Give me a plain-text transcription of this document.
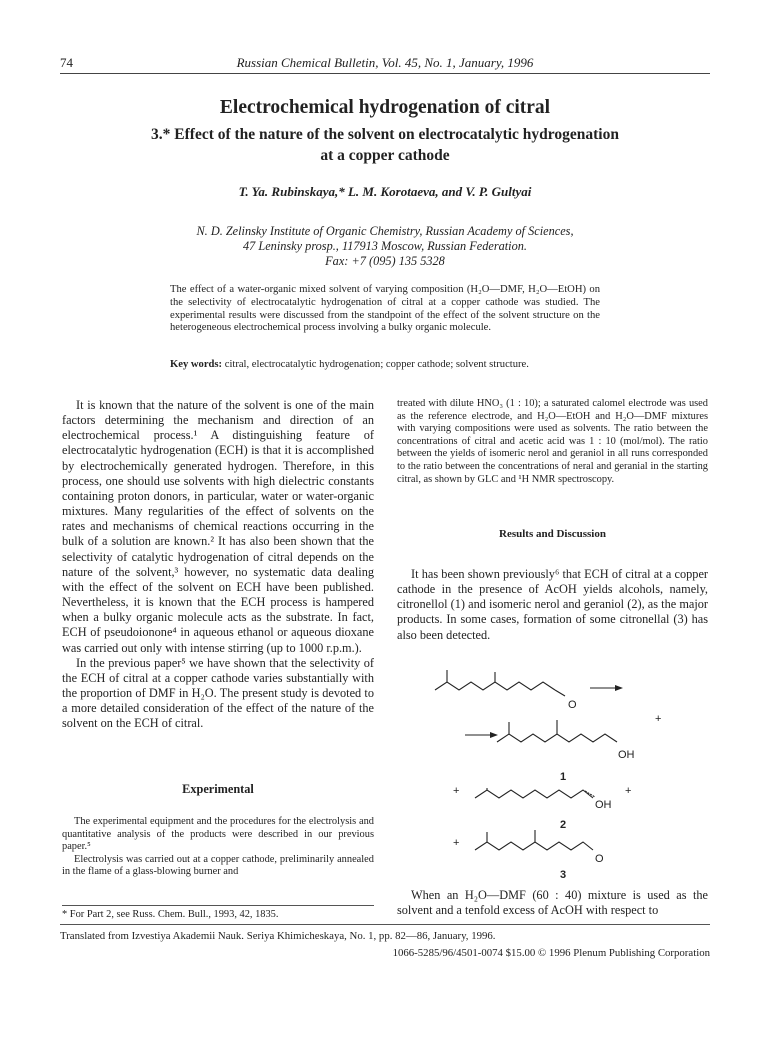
74	Russian Chemical Bulletin, Vol. 45, No. 1, January, 1996
Electrochemical hydrogenation of citral
3.* Effect of the nature of the solvent on electrocatalytic hydrogenation
at a copper cathode
T. Ya. Rubinskaya,* L. M. Korotaeva, and V. P. Gultyai
N. D. Zelinsky Institute of Organic Chemistry, Russian Academy of Sciences,
47 Leninsky prosp., 117913 Moscow, Russian Federation.
Fax: +7 (095) 135 5328
The effect of a water-organic mixed solvent of varying composition (H₂O—DMF, H₂O—EtOH) on the selectivity of electrocatalytic hydrogenation of citral at a copper cathode was studied. The experimental results were discussed from the standpoint of the effect of the solvent structure on the heterogeneous electrochemical process involving a bulky organic molecule.
Key words: citral, electrocatalytic hydrogenation; copper cathode; solvent structure.

It is known that the nature of the solvent is one of the main factors determining the mechanism and direction of an electrochemical process.¹ A distinguishing feature of electrocatalytic hydrogenation (ECH) is that it is accomplished by electrochemically generated hydrogen. Therefore, in this process, one should use solvents with high dielectric constants containing proton donors, in particular, water or water-organic mixtures. Many regularities of the effect of solvents on the rates and mechanisms of chemical reactions occurring in the bulk of a solution are known.² It has also been shown that the selectivity of catalytic hydrogenation of citral depends on the nature of the solvent,³ however, no systematic data dealing with the effect of the solvent on ECH have been published. Nevertheless, it is known that the ECH process is hampered when a bulky organic molecule acts as the substrate. In fact, ECH of pseudoionone⁴ in aqueous ethanol or aqueous dioxane was carried out only with intense stirring (up to 1000 r.p.m.).

In the previous paper⁵ we have shown that the selectivity of the ECH of citral at a copper cathode varies substantially with the proportion of DMF in H₂O. The present study is devoted to a more detailed consideration of the effect of the nature of the solvent on the ECH of citral.

Experimental

The experimental equipment and the procedures for the electrolysis and quantitative analysis of the products were described in our previous paper.⁵

Electrolysis was carried out at a copper cathode, preliminarily annealed in the flame of a glass-blowing burner and

* For Part 2, see Russ. Chem. Bull., 1993, 42, 1835.
treated with dilute HNO₃ (1 : 10); a saturated calomel electrode was used as the reference electrode, and H₂O—EtOH and H₂O—DMF mixtures with varying compositions were used as solvents. The ratio between the concentrations of citral and acetic acid was 1 : 10 (mol/mol). The ratio between the yields of isomeric nerol and geraniol in all runs corresponded to the ratio between the concentrations of neral and geranial in the starting citral, as shown by GLC and ¹H NMR spectroscopy.
Results and Discussion

It has been shown previously⁶ that ECH of citral at a copper cathode in the presence of AcOH yields alcohols, namely, citronellol (1) and isomeric nerol and geraniol (2), as the major products. In some cases, formation of some citronellal (3) has also been detected.

O
OH
+
1
+
OH
+
2
+
O
3
When an H₂O—DMF (60 : 40) mixture is used as the solvent and a tenfold excess of AcOH with respect to
Translated from Izvestiya Akademii Nauk. Seriya Khimicheskaya, No. 1, pp. 82—86, January, 1996.
1066-5285/96/4501-0074 $15.00 © 1996 Plenum Publishing Corporation
